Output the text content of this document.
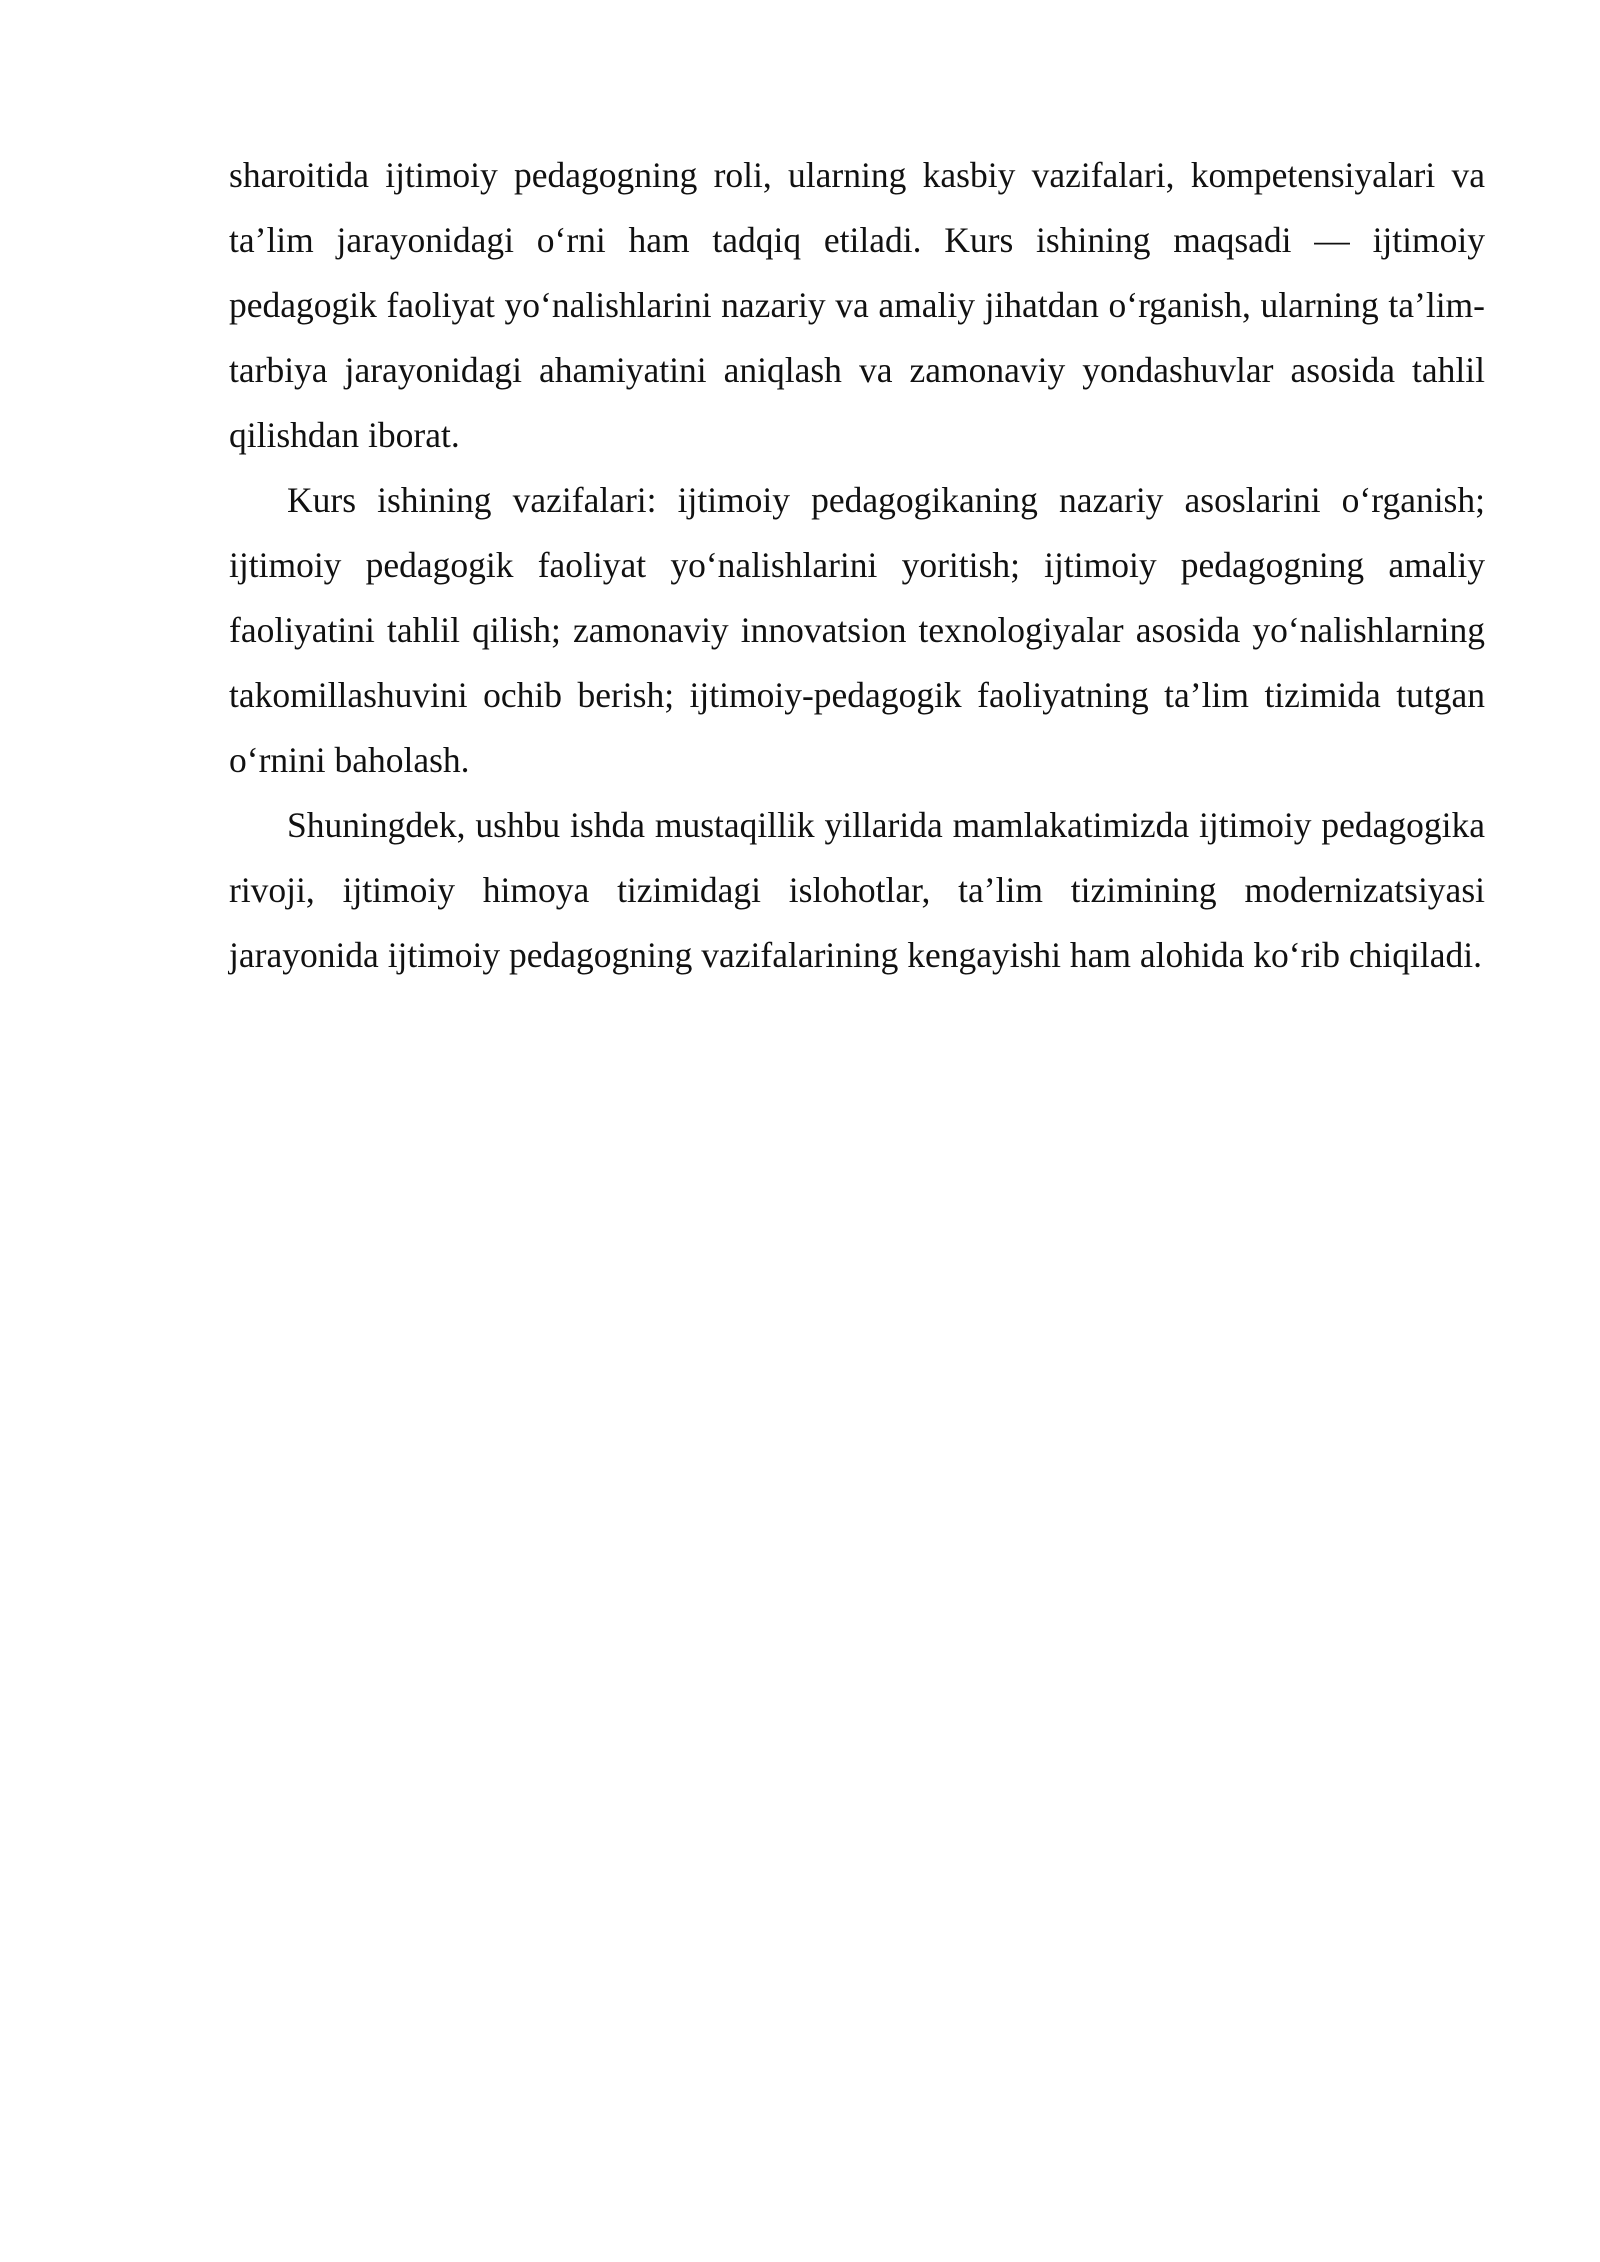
sharoitida ijtimoiy pedagogning roli, ularning kasbiy vazifalari, kompetensiyalari va ta’lim jarayonidagi o‘rni ham tadqiq etiladi. Kurs ishining maqsadi — ijtimoiy pedagogik faoliyat yo‘nalishlarini nazariy va amaliy jihatdan o‘rganish, ularning ta’lim-tarbiya jarayonidagi ahamiyatini aniqlash va zamonaviy yondashuvlar asosida tahlil qilishdan iborat.

Kurs ishining vazifalari: ijtimoiy pedagogikaning nazariy asoslarini o‘rganish; ijtimoiy pedagogik faoliyat yo‘nalishlarini yoritish; ijtimoiy pedagogning amaliy faoliyatini tahlil qilish; zamonaviy innovatsion texnologiyalar asosida yo‘nalishlarning takomillashuvini ochib berish; ijtimoiy-pedagogik faoliyatning ta’lim tizimida tutgan o‘rnini baholash.

Shuningdek, ushbu ishda mustaqillik yillarida mamlakatimizda ijtimoiy pedagogika rivoji, ijtimoiy himoya tizimidagi islohotlar, ta’lim tizimining modernizatsiyasi jarayonida ijtimoiy pedagogning vazifalarining kengayishi ham alohida ko‘rib chiqiladi.
